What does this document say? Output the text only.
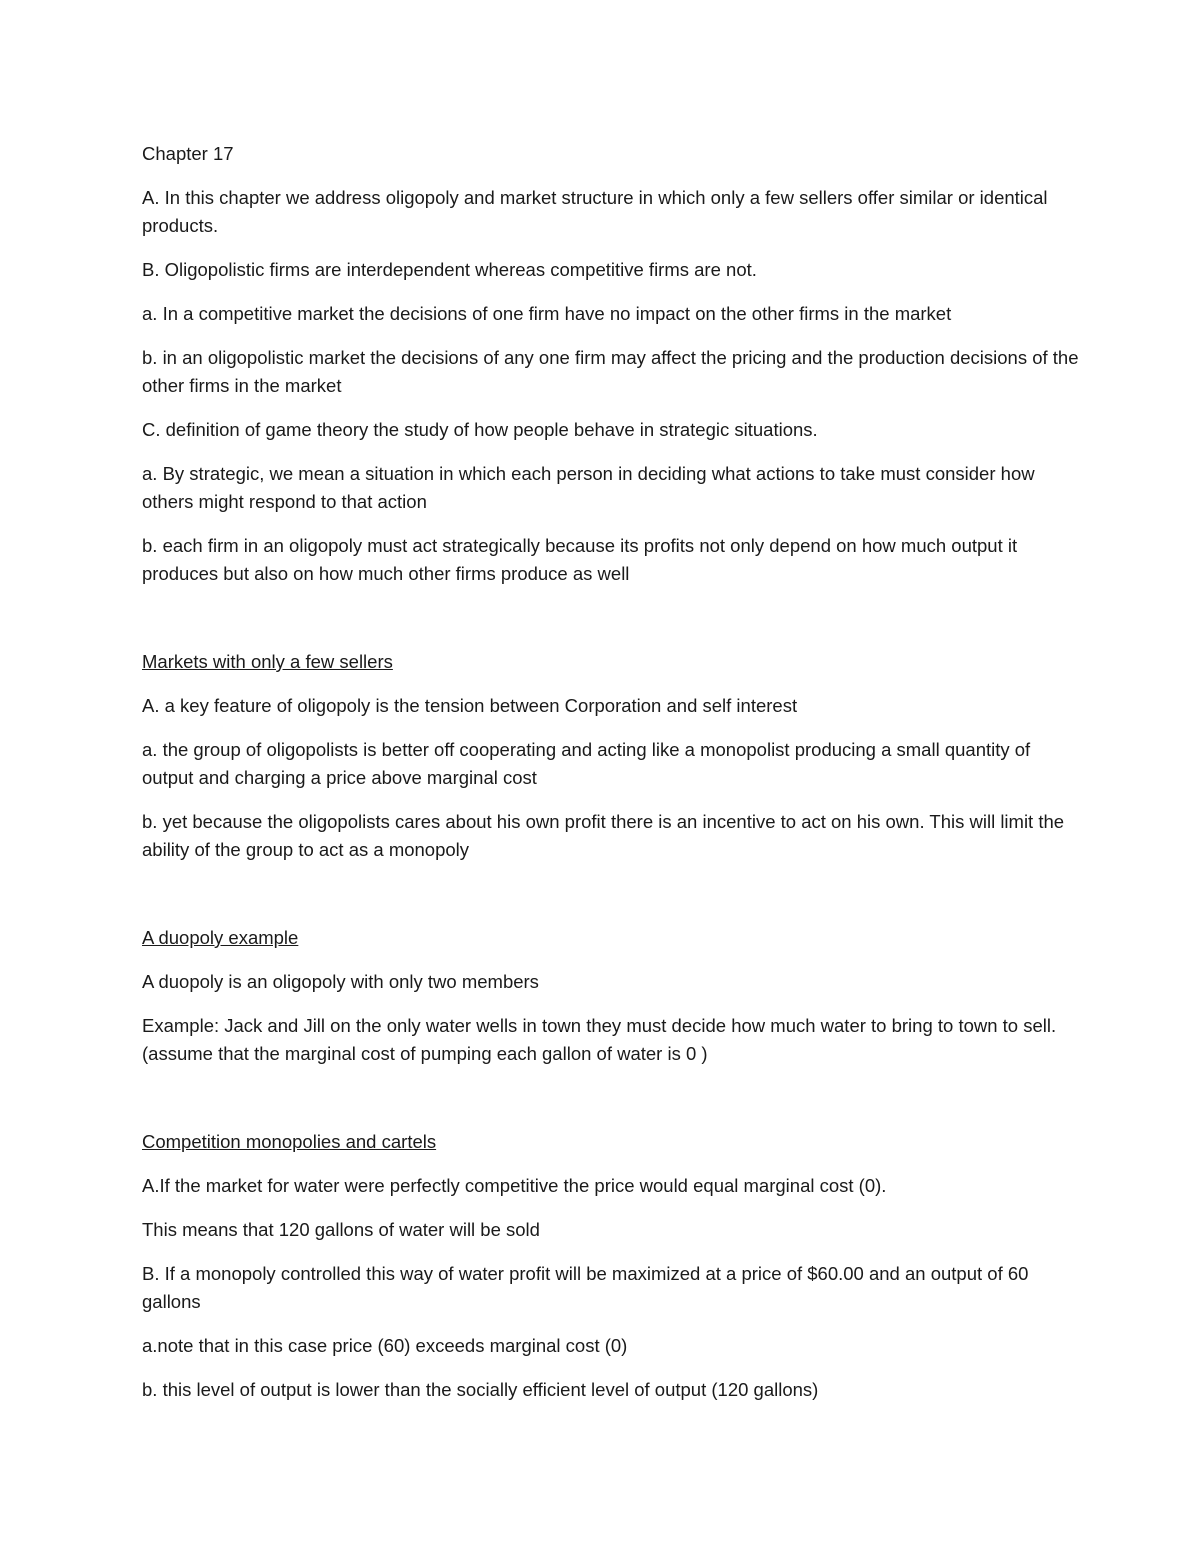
Chapter 17

A. In this chapter we address oligopoly and market structure in which only a few sellers offer similar or identical products.

B. Oligopolistic firms are interdependent whereas competitive firms are not.

a. In a competitive market the decisions of one firm have no impact on the other firms in the market

b. in an oligopolistic market the decisions of any one firm may affect the pricing and the production decisions of the other firms in the market

C. definition of game theory the study of how people behave in strategic situations.

a. By strategic, we mean a situation in which each person in deciding what actions to take must consider how others might respond to that action

b. each firm in an oligopoly must act strategically because its profits not only depend on how much output it produces but also on how much other firms produce as well

Markets with only a few sellers

A. a key feature of oligopoly is the tension between Corporation and self interest

a. the group of oligopolists is better off cooperating and acting like a monopolist producing a small quantity of output and charging a price above marginal cost

b. yet because the oligopolists cares about his own profit there is an incentive to act on his own. This will limit the ability of the group to act as a monopoly

A duopoly example

A duopoly is an oligopoly with only two members

Example: Jack and Jill on the only water wells in town they must decide how much water to bring to town to sell. (assume that the marginal cost of pumping each gallon of water is 0 )

Competition monopolies and cartels

A.If the market for water were perfectly competitive the price would equal marginal cost (0).

This means that 120 gallons of water will be sold

B. If a monopoly controlled this way of water profit will be maximized at a price of $60.00 and an output of 60 gallons

a.note that in this case price (60) exceeds marginal cost (0)

b. this level of output is lower than the socially efficient level of output (120 gallons)
